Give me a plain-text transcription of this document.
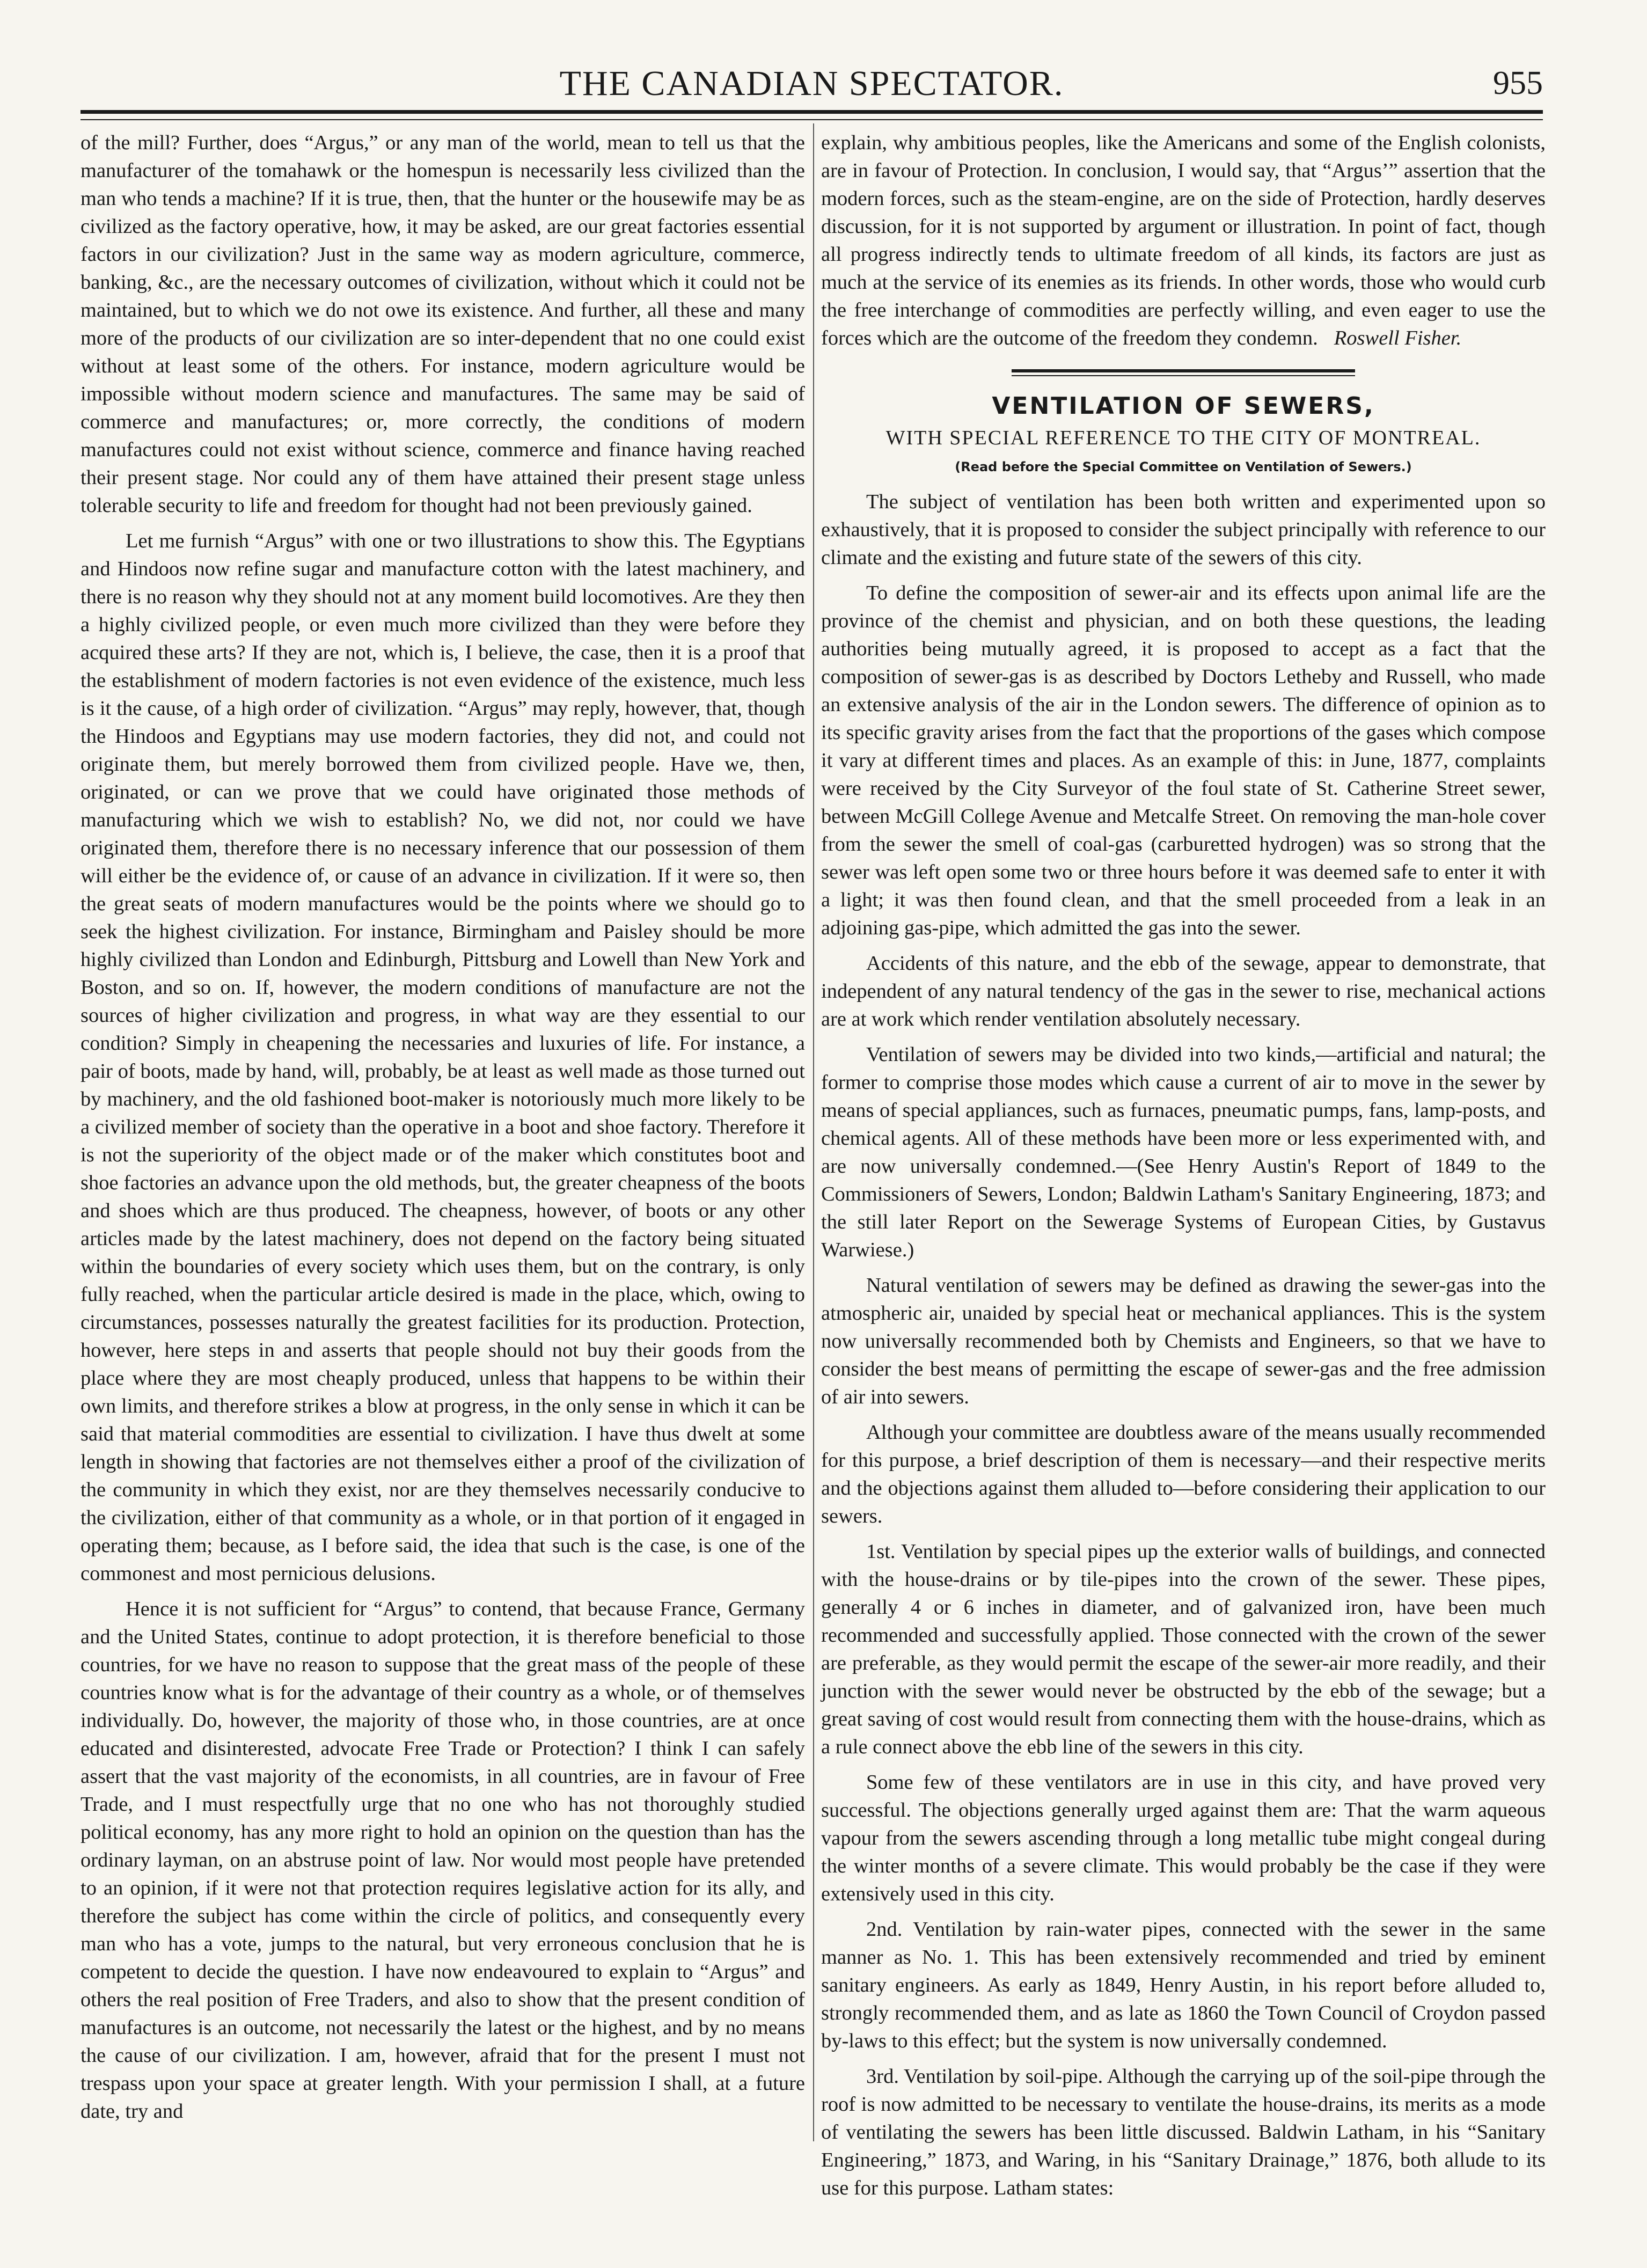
THE CANADIAN SPECTATOR.	955

of the mill? Further, does “Argus,” or any man of the world, mean to tell us that the manufacturer of the tomahawk or the homespun is necessarily less civilized than the man who tends a machine? If it is true, then, that the hunter or the housewife may be as civilized as the factory operative, how, it may be asked, are our great factories essential factors in our civilization? Just in the same way as modern agriculture, commerce, banking, &c., are the necessary outcomes of civilization, without which it could not be maintained, but to which we do not owe its existence. And further, all these and many more of the products of our civilization are so inter-dependent that no one could exist without at least some of the others. For instance, modern agriculture would be impossible without modern science and manufactures. The same may be said of commerce and manufactures; or, more correctly, the conditions of modern manufactures could not exist without science, commerce and finance having reached their present stage. Nor could any of them have attained their present stage unless tolerable security to life and freedom for thought had not been previously gained.

Let me furnish “Argus” with one or two illustrations to show this. The Egyptians and Hindoos now refine sugar and manufacture cotton with the latest machinery, and there is no reason why they should not at any moment build locomotives. Are they then a highly civilized people, or even much more civilized than they were before they acquired these arts? If they are not, which is, I believe, the case, then it is a proof that the establishment of modern factories is not even evidence of the existence, much less is it the cause, of a high order of civilization. “Argus” may reply, however, that, though the Hindoos and Egyptians may use modern factories, they did not, and could not originate them, but merely borrowed them from civilized people. Have we, then, originated, or can we prove that we could have originated those methods of manufacturing which we wish to establish? No, we did not, nor could we have originated them, therefore there is no necessary inference that our possession of them will either be the evidence of, or cause of an advance in civilization. If it were so, then the great seats of modern manufactures would be the points where we should go to seek the highest civilization. For instance, Birmingham and Paisley should be more highly civilized than London and Edinburgh, Pittsburg and Lowell than New York and Boston, and so on. If, however, the modern conditions of manufacture are not the sources of higher civilization and progress, in what way are they essential to our condition? Simply in cheapening the necessaries and luxuries of life. For instance, a pair of boots, made by hand, will, probably, be at least as well made as those turned out by machinery, and the old fashioned boot-maker is notoriously much more likely to be a civilized member of society than the operative in a boot and shoe factory. Therefore it is not the superiority of the object made or of the maker which constitutes boot and shoe factories an advance upon the old methods, but, the greater cheapness of the boots and shoes which are thus produced. The cheapness, however, of boots or any other articles made by the latest machinery, does not depend on the factory being situated within the boundaries of every society which uses them, but on the contrary, is only fully reached, when the particular article desired is made in the place, which, owing to circumstances, possesses naturally the greatest facilities for its production. Protection, however, here steps in and asserts that people should not buy their goods from the place where they are most cheaply produced, unless that happens to be within their own limits, and therefore strikes a blow at progress, in the only sense in which it can be said that material commodities are essential to civilization. I have thus dwelt at some length in showing that factories are not themselves either a proof of the civilization of the community in which they exist, nor are they themselves necessarily conducive to the civilization, either of that community as a whole, or in that portion of it engaged in operating them; because, as I before said, the idea that such is the case, is one of the commonest and most pernicious delusions.

Hence it is not sufficient for “Argus” to contend, that because France, Germany and the United States, continue to adopt protection, it is therefore beneficial to those countries, for we have no reason to suppose that the great mass of the people of these countries know what is for the advantage of their country as a whole, or of themselves individually. Do, however, the majority of those who, in those countries, are at once educated and disinterested, advocate Free Trade or Protection? I think I can safely assert that the vast majority of the economists, in all countries, are in favour of Free Trade, and I must respectfully urge that no one who has not thoroughly studied political economy, has any more right to hold an opinion on the question than has the ordinary layman, on an abstruse point of law. Nor would most people have pretended to an opinion, if it were not that protection requires legislative action for its ally, and therefore the subject has come within the circle of politics, and consequently every man who has a vote, jumps to the natural, but very erroneous conclusion that he is competent to decide the question. I have now endeavoured to explain to “Argus” and others the real position of Free Traders, and also to show that the present condition of manufactures is an outcome, not necessarily the latest or the highest, and by no means the cause of our civilization. I am, however, afraid that for the present I must not trespass upon your space at greater length. With your permission I shall, at a future date, try and

explain, why ambitious peoples, like the Americans and some of the English colonists, are in favour of Protection. In conclusion, I would say, that “Argus’” assertion that the modern forces, such as the steam-engine, are on the side of Protection, hardly deserves discussion, for it is not supported by argument or illustration. In point of fact, though all progress indirectly tends to ultimate freedom of all kinds, its factors are just as much at the service of its enemies as its friends. In other words, those who would curb the free interchange of commodities are perfectly willing, and even eager to use the forces which are the outcome of the freedom they condemn. Roswell Fisher.

VENTILATION OF SEWERS,
WITH SPECIAL REFERENCE TO THE CITY OF MONTREAL.
(Read before the Special Committee on Ventilation of Sewers.)

The subject of ventilation has been both written and experimented upon so exhaustively, that it is proposed to consider the subject principally with reference to our climate and the existing and future state of the sewers of this city.

To define the composition of sewer-air and its effects upon animal life are the province of the chemist and physician, and on both these questions, the leading authorities being mutually agreed, it is proposed to accept as a fact that the composition of sewer-gas is as described by Doctors Letheby and Russell, who made an extensive analysis of the air in the London sewers. The difference of opinion as to its specific gravity arises from the fact that the proportions of the gases which compose it vary at different times and places. As an example of this: in June, 1877, complaints were received by the City Surveyor of the foul state of St. Catherine Street sewer, between McGill College Avenue and Metcalfe Street. On removing the man-hole cover from the sewer the smell of coal-gas (carburetted hydrogen) was so strong that the sewer was left open some two or three hours before it was deemed safe to enter it with a light; it was then found clean, and that the smell proceeded from a leak in an adjoining gas-pipe, which admitted the gas into the sewer.

Accidents of this nature, and the ebb of the sewage, appear to demonstrate, that independent of any natural tendency of the gas in the sewer to rise, mechanical actions are at work which render ventilation absolutely necessary.

Ventilation of sewers may be divided into two kinds,—artificial and natural; the former to comprise those modes which cause a current of air to move in the sewer by means of special appliances, such as furnaces, pneumatic pumps, fans, lamp-posts, and chemical agents. All of these methods have been more or less experimented with, and are now universally condemned.—(See Henry Austin's Report of 1849 to the Commissioners of Sewers, London; Baldwin Latham's Sanitary Engineering, 1873; and the still later Report on the Sewerage Systems of European Cities, by Gustavus Warwiese.)

Natural ventilation of sewers may be defined as drawing the sewer-gas into the atmospheric air, unaided by special heat or mechanical appliances. This is the system now universally recommended both by Chemists and Engineers, so that we have to consider the best means of permitting the escape of sewer-gas and the free admission of air into sewers.

Although your committee are doubtless aware of the means usually recommended for this purpose, a brief description of them is necessary—and their respective merits and the objections against them alluded to—before considering their application to our sewers.

1st. Ventilation by special pipes up the exterior walls of buildings, and connected with the house-drains or by tile-pipes into the crown of the sewer. These pipes, generally 4 or 6 inches in diameter, and of galvanized iron, have been much recommended and successfully applied. Those connected with the crown of the sewer are preferable, as they would permit the escape of the sewer-air more readily, and their junction with the sewer would never be obstructed by the ebb of the sewage; but a great saving of cost would result from connecting them with the house-drains, which as a rule connect above the ebb line of the sewers in this city.

Some few of these ventilators are in use in this city, and have proved very successful. The objections generally urged against them are: That the warm aqueous vapour from the sewers ascending through a long metallic tube might congeal during the winter months of a severe climate. This would probably be the case if they were extensively used in this city.

2nd. Ventilation by rain-water pipes, connected with the sewer in the same manner as No. 1. This has been extensively recommended and tried by eminent sanitary engineers. As early as 1849, Henry Austin, in his report before alluded to, strongly recommended them, and as late as 1860 the Town Council of Croydon passed by-laws to this effect; but the system is now universally condemned.

3rd. Ventilation by soil-pipe. Although the carrying up of the soil-pipe through the roof is now admitted to be necessary to ventilate the house-drains, its merits as a mode of ventilating the sewers has been little discussed. Baldwin Latham, in his “Sanitary Engineering,” 1873, and Waring, in his “Sanitary Drainage,” 1876, both allude to its use for this purpose. Latham states:
